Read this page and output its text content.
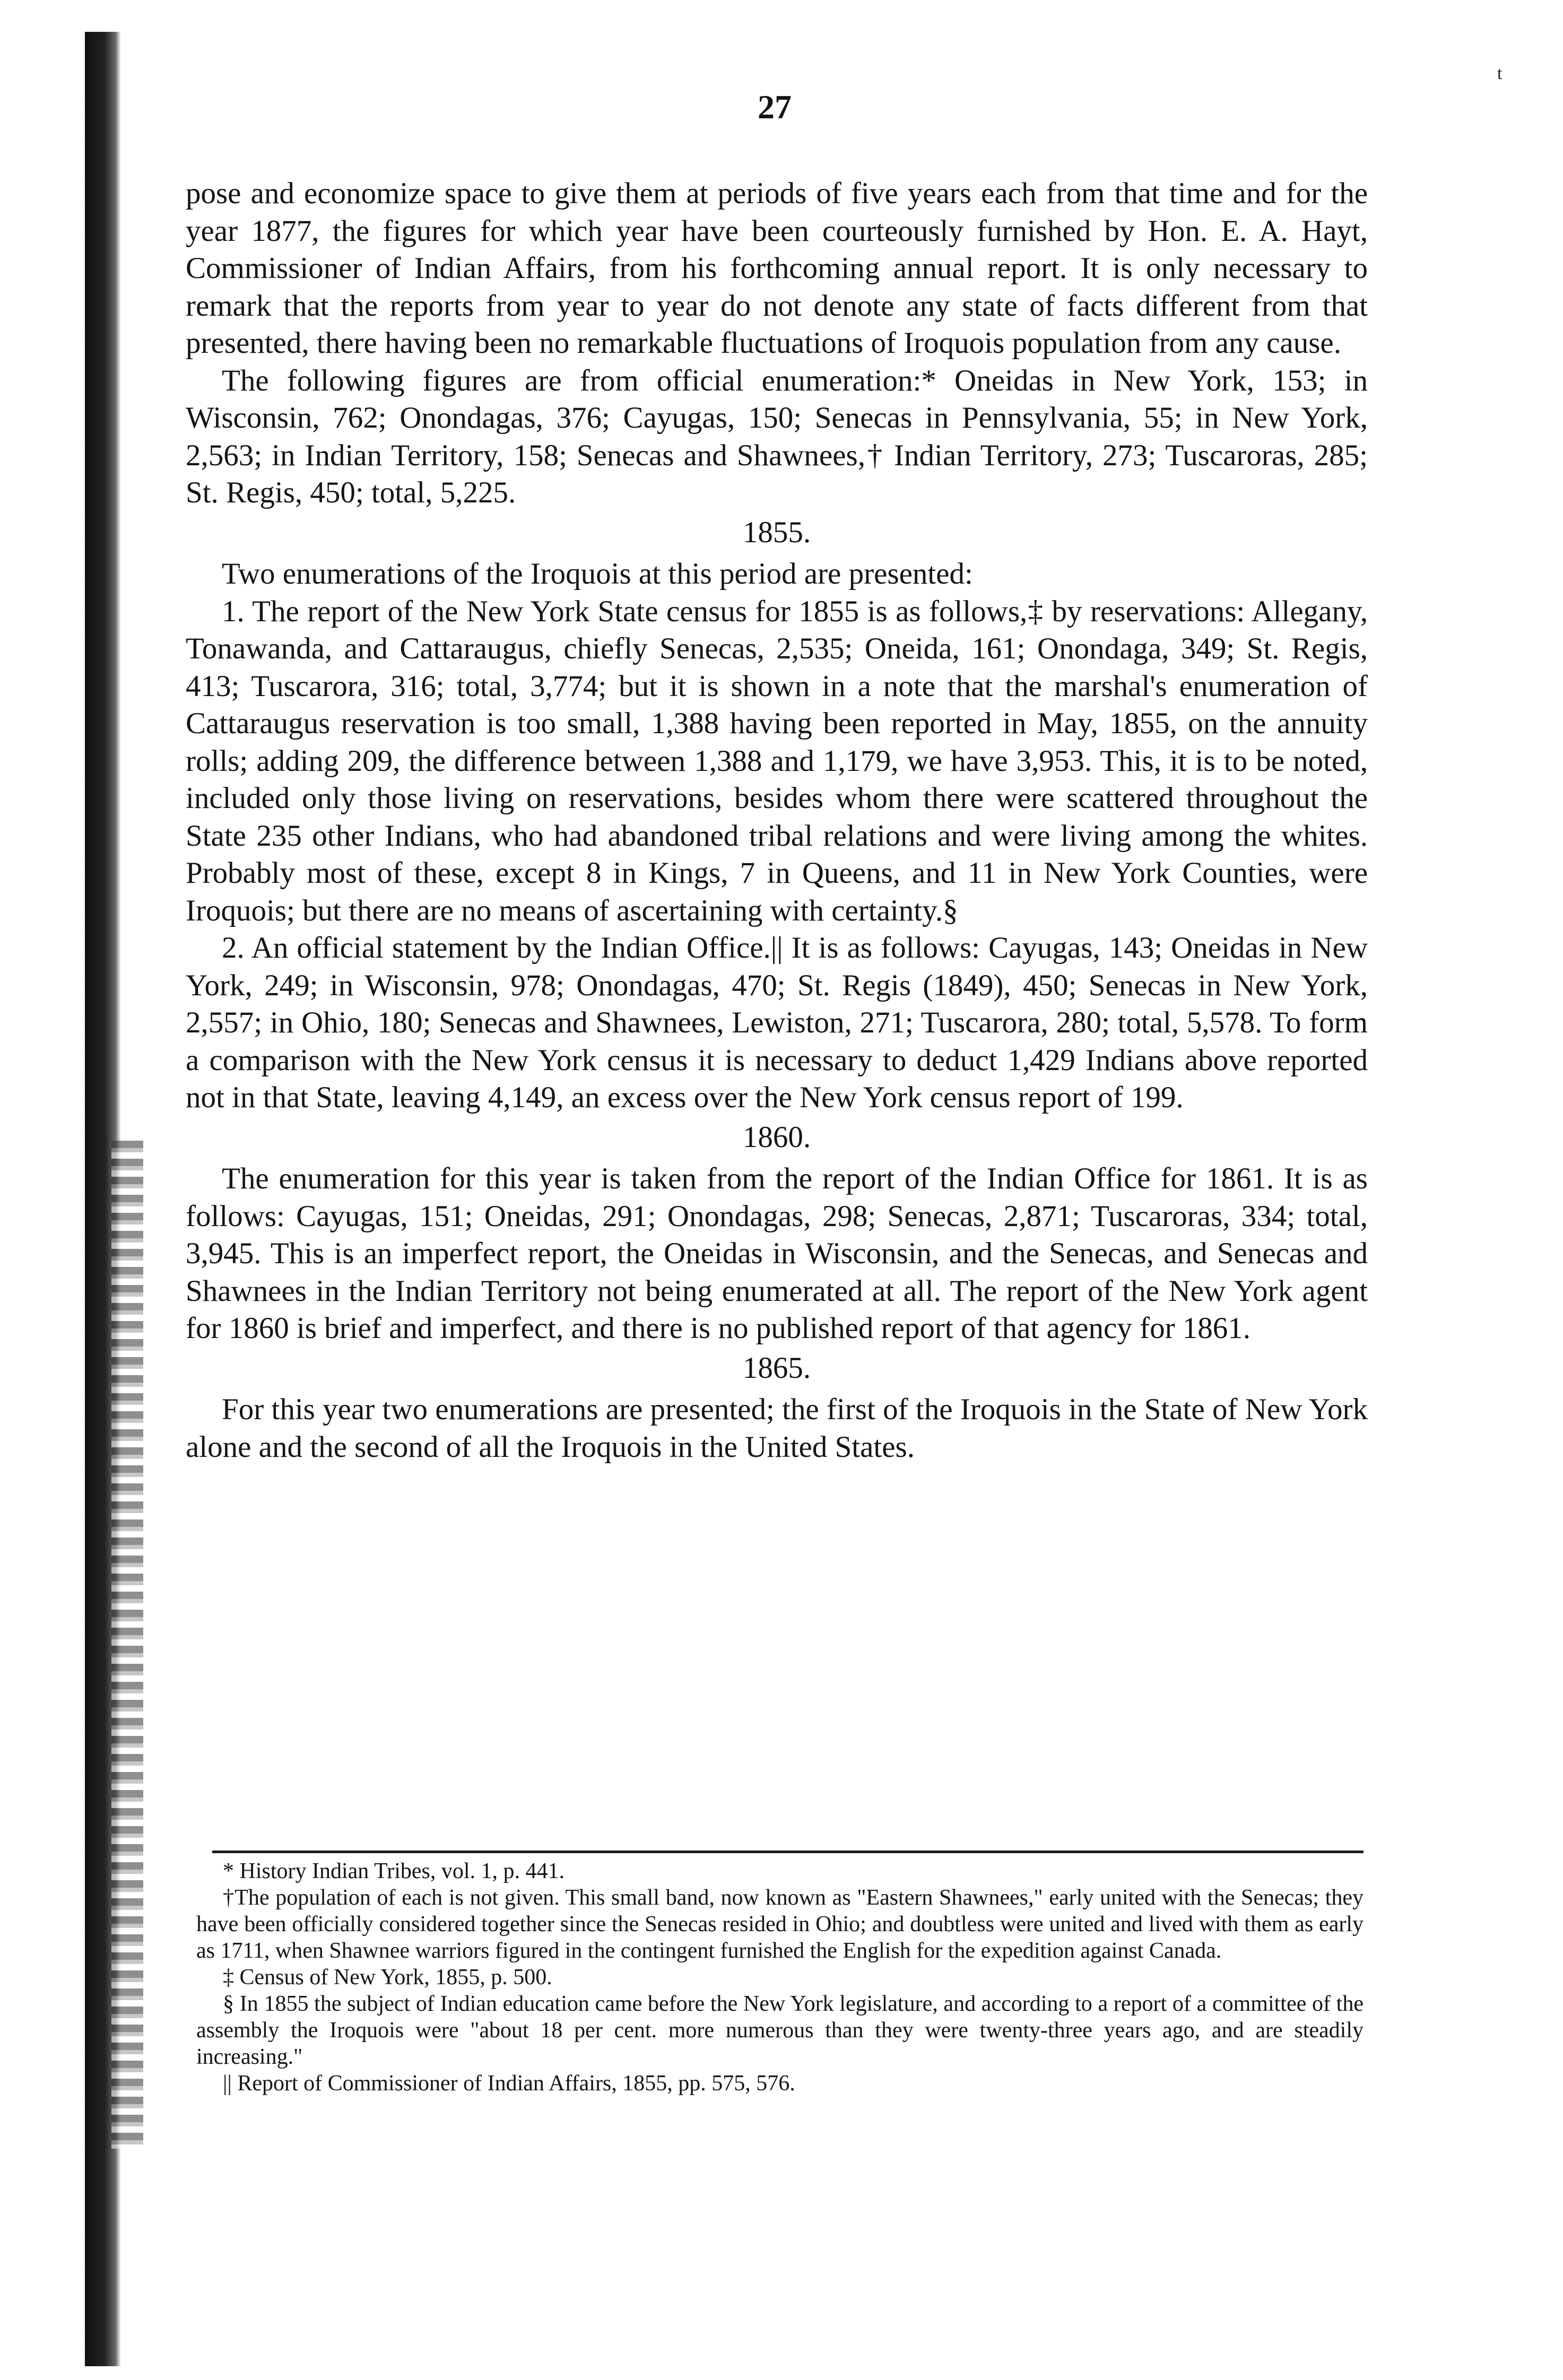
t
27

pose and economize space to give them at periods of five years each from that time and for the year 1877, the figures for which year have been courteously furnished by Hon. E. A. Hayt, Commissioner of Indian Affairs, from his forthcoming annual report. It is only necessary to remark that the reports from year to year do not denote any state of facts different from that presented, there having been no remarkable fluctuations of Iroquois population from any cause.

The following figures are from official enumeration:* Oneidas in New York, 153; in Wisconsin, 762; Onondagas, 376; Cayugas, 150; Senecas in Pennsylvania, 55; in New York, 2,563; in Indian Territory, 158; Senecas and Shawnees,† Indian Territory, 273; Tuscaroras, 285; St. Regis, 450; total, 5,225.

1855.

Two enumerations of the Iroquois at this period are presented:

1. The report of the New York State census for 1855 is as follows,‡ by reservations: Allegany, Tonawanda, and Cattaraugus, chiefly Senecas, 2,535; Oneida, 161; Onondaga, 349; St. Regis, 413; Tuscarora, 316; total, 3,774; but it is shown in a note that the marshal's enumeration of Cattaraugus reservation is too small, 1,388 having been reported in May, 1855, on the annuity rolls; adding 209, the difference between 1,388 and 1,179, we have 3,953. This, it is to be noted, included only those living on reservations, besides whom there were scattered throughout the State 235 other Indians, who had abandoned tribal relations and were living among the whites. Probably most of these, except 8 in Kings, 7 in Queens, and 11 in New York Counties, were Iroquois; but there are no means of ascertaining with certainty.§

2. An official statement by the Indian Office.|| It is as follows: Cayugas, 143; Oneidas in New York, 249; in Wisconsin, 978; Onondagas, 470; St. Regis (1849), 450; Senecas in New York, 2,557; in Ohio, 180; Senecas and Shawnees, Lewiston, 271; Tuscarora, 280; total, 5,578. To form a comparison with the New York census it is necessary to deduct 1,429 Indians above reported not in that State, leaving 4,149, an excess over the New York census report of 199.

1860.

The enumeration for this year is taken from the report of the Indian Office for 1861. It is as follows: Cayugas, 151; Oneidas, 291; Onondagas, 298; Senecas, 2,871; Tuscaroras, 334; total, 3,945. This is an imperfect report, the Oneidas in Wisconsin, and the Senecas, and Senecas and Shawnees in the Indian Territory not being enumerated at all. The report of the New York agent for 1860 is brief and imperfect, and there is no published report of that agency for 1861.

1865.

For this year two enumerations are presented; the first of the Iroquois in the State of New York alone and the second of all the Iroquois in the United States.

* History Indian Tribes, vol. 1, p. 441.

†The population of each is not given. This small band, now known as "Eastern Shawnees," early united with the Senecas; they have been officially considered together since the Senecas resided in Ohio; and doubtless were united and lived with them as early as 1711, when Shawnee warriors figured in the contingent furnished the English for the expedition against Canada.

‡ Census of New York, 1855, p. 500.

§ In 1855 the subject of Indian education came before the New York legislature, and according to a report of a committee of the assembly the Iroquois were "about 18 per cent. more numerous than they were twenty-three years ago, and are steadily increasing."

|| Report of Commissioner of Indian Affairs, 1855, pp. 575, 576.
